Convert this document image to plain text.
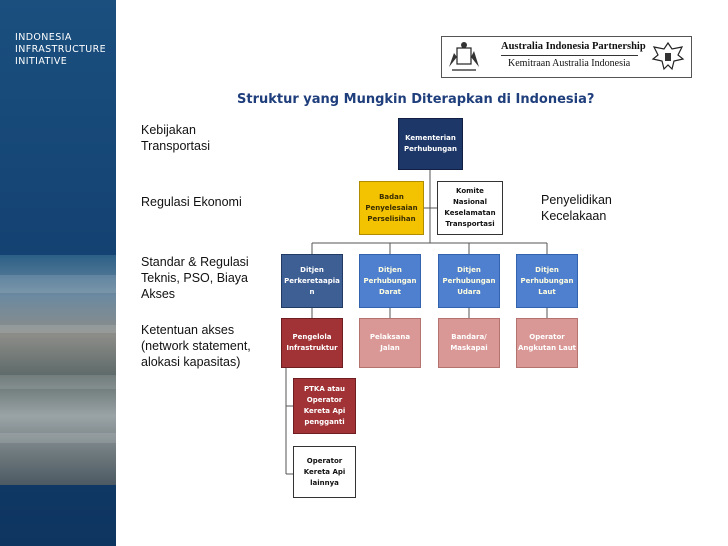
INDONESIA
INFRASTRUCTURE
INITIATIVE
Australia Indonesia Partnership
Kemitraan Australia Indonesia
Struktur yang Mungkin Diterapkan di Indonesia?
Kebijakan
Transportasi
Regulasi Ekonomi
Standar & Regulasi
Teknis, PSO, Biaya
Akses
Ketentuan akses
(network statement,
alokasi kapasitas)
Penyelidikan
Kecelakaan
Kementerian
Perhubungan
Badan
Penyelesaian
Perselisihan
Komite
Nasional
Keselamatan
Transportasi
Ditjen
Perkeretaapia
n
Ditjen
Perhubungan
Darat
Ditjen
Perhubungan
Udara
Ditjen
Perhubungan
Laut
Pengelola
Infrastruktur
Pelaksana
Jalan
Bandara/
Maskapai
Operator
Angkutan Laut
PTKA atau
Operator
Kereta Api
pengganti
Operator
Kereta Api
lainnya
